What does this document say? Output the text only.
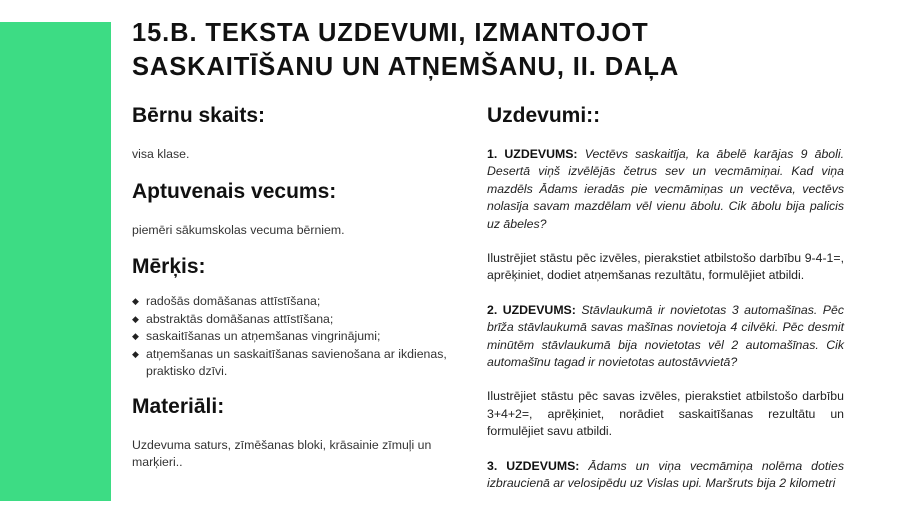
15.B. TEKSTA UZDEVUMI, IZMANTOJOT SASKAITĪŠANU UN ATŅEMŠANU, II. DAĻA
Bērnu skaits:

visa klase.

Aptuvenais vecums:

piemēri sākumskolas vecuma bērniem.

Mērķis:
◆ radošās domāšanas attīstīšana;
◆ abstraktās domāšanas attīstīšana;
◆ saskaitīšanas un atņemšanas vingrinājumi;
◆ atņemšanas un saskaitīšanas savienošana ar ikdienas, praktisko dzīvi.
Materiāli:

Uzdevuma saturs, zīmēšanas bloki, krāsainie zīmuļi un marķieri..

Uzdevumi::

1. UZDEVUMS: Vectēvs saskaitīja, ka ābelē karājas 9 āboli. Desertā viņš izvēlējās četrus sev un vecmāmiņai. Kad viņa mazdēls Ādams ieradās pie vecmāmiņas un vectēva, vectēvs nolasīja savam mazdēlam vēl vienu ābolu. Cik ābolu bija palicis uz ābeles?

Ilustrējiet stāstu pēc izvēles, pierakstiet atbilstošo darbību 9-4-1=, aprēķiniet, dodiet atņemšanas rezultātu, formulējiet atbildi.

2. UZDEVUMS: Stāvlaukumā ir novietotas 3 automašīnas. Pēc brīža stāvlaukumā savas mašīnas novietoja 4 cilvēki. Pēc desmit minūtēm stāvlaukumā bija novietotas vēl 2 automašīnas. Cik automašīnu tagad ir novietotas autostāvvietā?

Ilustrējiet stāstu pēc savas izvēles, pierakstiet atbilstošo darbību 3+4+2=, aprēķiniet, norādiet saskaitīšanas rezultātu un formulējiet savu atbildi.

3. UZDEVUMS: Ādams un viņa vecmāmiņa nolēma doties izbraucienā ar velosipēdu uz Vislas upi. Maršruts bija 2 kilometri
